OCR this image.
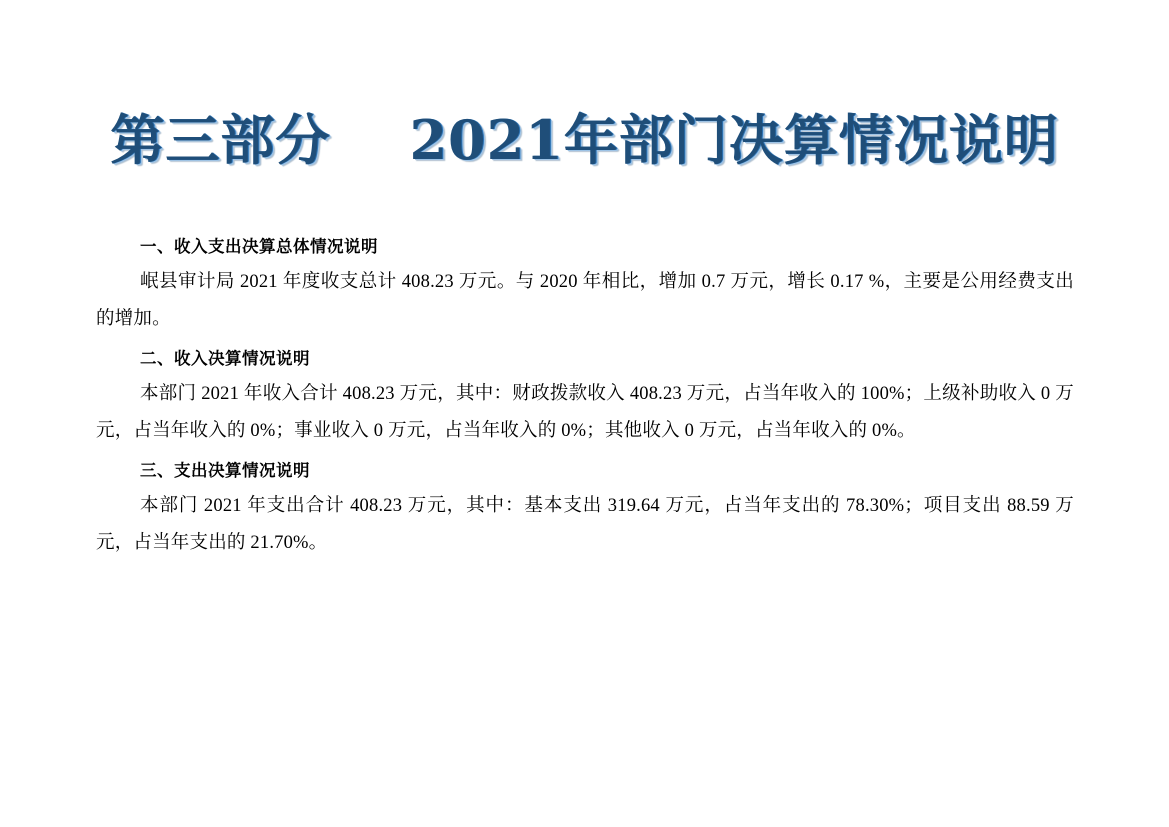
第三部分    2021年部门决算情况说明
一、收入支出决算总体情况说明

岷县审计局 2021 年度收支总计 408.23 万元。与 2020 年相比，增加 0.7 万元，增长 0.17 %，主要是公用经费支出的增加。

二、收入决算情况说明

本部门 2021 年收入合计 408.23 万元，其中：财政拨款收入 408.23 万元，占当年收入的 100%；上级补助收入 0 万元，占当年收入的 0%；事业收入 0 万元，占当年收入的 0%；其他收入 0 万元，占当年收入的 0%。

三、支出决算情况说明

本部门 2021 年支出合计 408.23 万元，其中：基本支出 319.64 万元，占当年支出的 78.30%；项目支出 88.59 万元，占当年支出的 21.70%。
